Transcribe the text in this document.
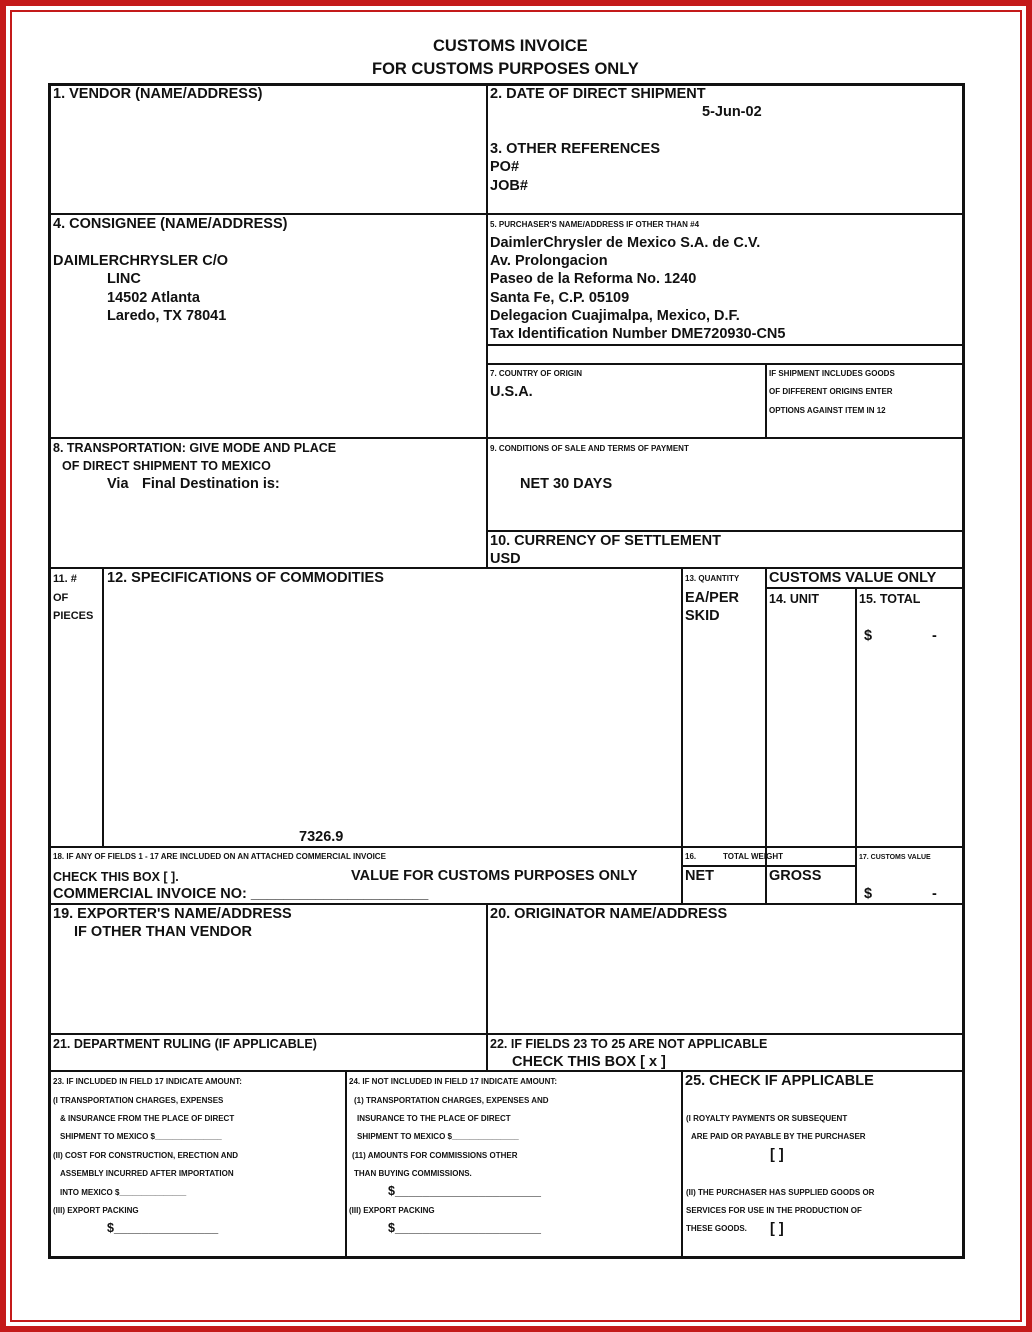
CUSTOMS INVOICE
FOR CUSTOMS PURPOSES ONLY
1. VENDOR (NAME/ADDRESS)	2. DATE OF DIRECT SHIPMENT
5-Jun-02
3. OTHER REFERENCES
PO#
JOB#
4. CONSIGNEE (NAME/ADDRESS)
DAIMLERCHRYSLER C/O
LINC
14502 Atlanta
Laredo, TX 78041
5. PURCHASER'S NAME/ADDRESS IF OTHER THAN #4
DaimlerChrysler de Mexico S.A. de C.V.
Av. Prolongacion
Paseo de la Reforma No. 1240
Santa Fe, C.P. 05109
Delegacion Cuajimalpa, Mexico, D.F.
Tax Identification Number DME720930-CN5
7. COUNTRY OF ORIGIN
U.S.A.
IF SHIPMENT INCLUDES GOODS
OF DIFFERENT ORIGINS ENTER
OPTIONS AGAINST ITEM IN 12
8. TRANSPORTATION: GIVE MODE AND PLACE
OF DIRECT SHIPMENT TO MEXICO
Via Final Destination is:
9. CONDITIONS OF SALE AND TERMS OF PAYMENT
NET 30 DAYS
10. CURRENCY OF SETTLEMENT
USD
11. #
OF
PIECES
12. SPECIFICATIONS OF COMMODITIES
7326.9
13. QUANTITY
EA/PER
SKID
CUSTOMS VALUE ONLY
14. UNIT	15. TOTAL
$	-
18. IF ANY OF FIELDS 1 - 17 ARE INCLUDED ON AN ATTACHED COMMERCIAL INVOICE
CHECK THIS BOX [ ].	VALUE FOR CUSTOMS PURPOSES ONLY
COMMERCIAL INVOICE NO: ______________________
16.	TOTAL WEIGHT
NET	GROSS
17. CUSTOMS VALUE
$	-
19. EXPORTER'S NAME/ADDRESS
IF OTHER THAN VENDOR
20. ORIGINATOR NAME/ADDRESS
21. DEPARTMENT RULING (IF APPLICABLE)	22. IF FIELDS 23 TO 25 ARE NOT APPLICABLE
CHECK THIS BOX [ x ]
23. IF INCLUDED IN FIELD 17 INDICATE AMOUNT:
(I TRANSPORTATION CHARGES, EXPENSES
& INSURANCE FROM THE PLACE OF DIRECT
SHIPMENT TO MEXICO $_______________
(II) COST FOR CONSTRUCTION, ERECTION AND
ASSEMBLY INCURRED AFTER IMPORTATION
INTO MEXICO $_______________
(III) EXPORT PACKING
$_______________
24. IF NOT INCLUDED IN FIELD 17 INDICATE AMOUNT:
(1) TRANSPORTATION CHARGES, EXPENSES AND
INSURANCE TO THE PLACE OF DIRECT
SHIPMENT TO MEXICO $_______________
(11) AMOUNTS FOR COMMISSIONS OTHER
THAN BUYING COMMISSIONS.
$_____________________
(III) EXPORT PACKING
$_____________________
25. CHECK IF APPLICABLE
(I ROYALTY PAYMENTS OR SUBSEQUENT
ARE PAID OR PAYABLE BY THE PURCHASER
[ ]
(II) THE PURCHASER HAS SUPPLIED GOODS OR
SERVICES FOR USE IN THE PRODUCTION OF
THESE GOODS. [ ]
